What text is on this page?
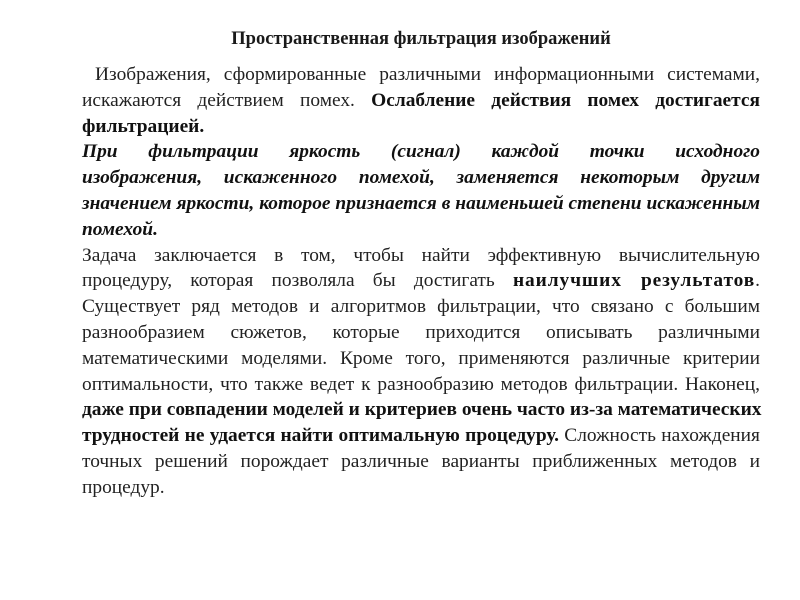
Пространственная фильтрация изображений
Изображения, сформированные различными информационными системами,
искажаются действием помех. Ослабление действия помех достигается
фильтрацией.
При фильтрации яркость (сигнал) каждой точки исходного
изображения, искаженного помехой, заменяется некоторым другим
значением яркости, которое признается в наименьшей степени искаженным
помехой.
Задача заключается в том, чтобы найти эффективную вычислительную
процедуру, которая позволяла бы достигать наилучших результатов.
Существует ряд методов и алгоритмов фильтрации, что связано с большим
разнообразием сюжетов, которые приходится описывать различными
математическими моделями. Кроме того, применяются различные критерии
оптимальности, что также ведет к разнообразию методов фильтрации. Наконец,
даже при совпадении моделей и критериев очень часто из-за математических
трудностей не удается найти оптимальную процедуру. Сложность нахождения
точных решений порождает различные варианты приближенных методов и
процедур.
